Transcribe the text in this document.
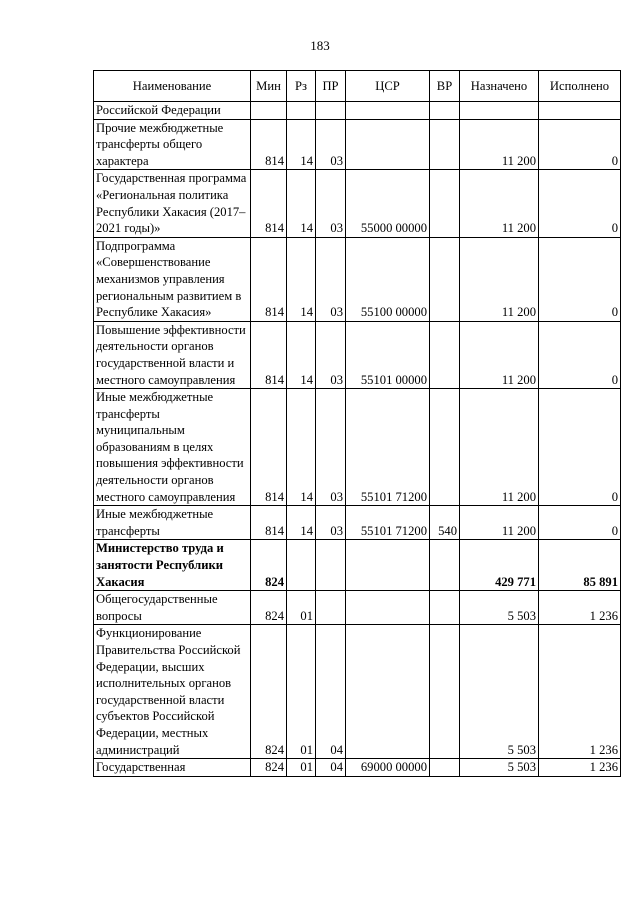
183
Наименование	Мин	Рз	ПР	ЦСР	ВР	Назначено	Исполнено
Российской Федерации							
Прочие межбюджетные трансферты общего характера	814	14	03			11 200	0
Государственная программа «Региональная политика Республики Хакасия (2017–2021 годы)»	814	14	03	55000 00000		11 200	0
Подпрограмма «Совершенствование механизмов управления региональным развитием в Республике Хакасия»	814	14	03	55100 00000		11 200	0
Повышение эффективности деятельности органов государственной власти и местного самоуправления	814	14	03	55101 00000		11 200	0
Иные межбюджетные трансферты муниципальным образованиям в целях повышения эффективности деятельности органов местного самоуправления	814	14	03	55101 71200		11 200	0
Иные межбюджетные трансферты	814	14	03	55101 71200	540	11 200	0
Министерство труда и занятости Республики Хакасия	824					429 771	85 891
Общегосударственные вопросы	824	01				5 503	1 236
Функционирование Правительства Российской Федерации, высших исполнительных органов государственной власти субъектов Российской Федерации, местных администраций	824	01	04			5 503	1 236
Государственная	824	01	04	69000 00000		5 503	1 236
